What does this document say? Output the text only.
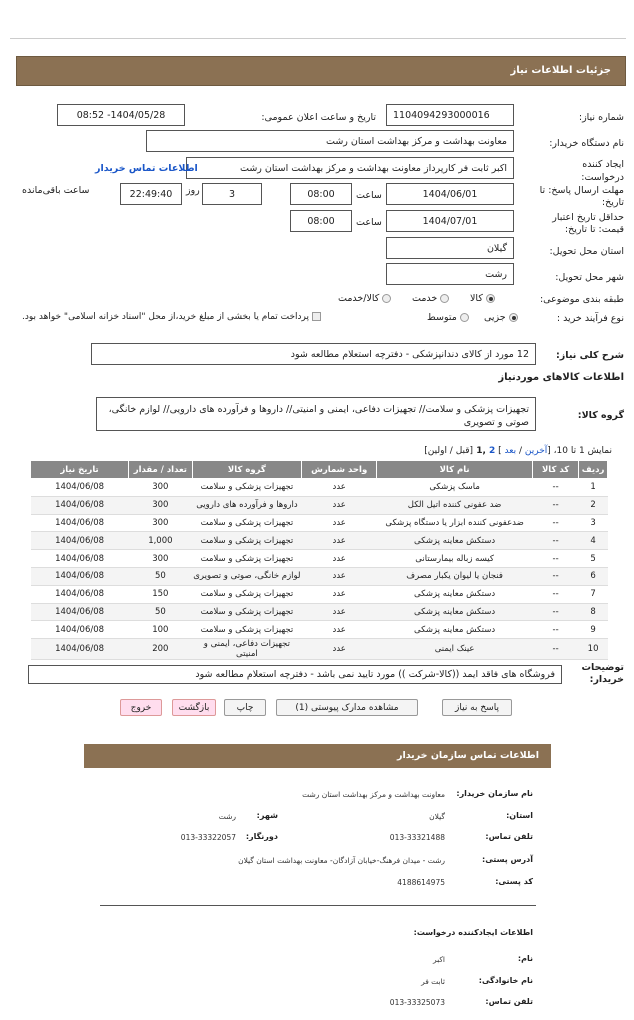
جزئیات اطلاعات نیاز
شماره نیاز:
1104094293000016
تاریخ و ساعت اعلان عمومی:
1404/05/28- 08:52
نام دستگاه خریدار:
معاونت بهداشت و مرکز بهداشت استان رشت
ایجاد کننده درخواست:
اکبر ثابت فر کارپرداز معاونت بهداشت و مرکز بهداشت استان رشت
اطلاعات تماس خریدار
مهلت ارسال پاسخ: تا تاریخ:
1404/06/01
ساعت
08:00
3
روز
22:49:40
ساعت باقی‌مانده
حداقل تاریخ اعتبار قیمت: تا تاریخ:
1404/07/01
ساعت
08:00
استان محل تحویل:
گیلان
شهر محل تحویل:
رشت
طبقه بندی موضوعی:
کالا
خدمت
کالا/خدمت
نوع فرآیند خرید :
جزیی
متوسط
پرداخت تمام یا بخشی از مبلغ خرید،از محل "اسناد خزانه اسلامی" خواهد بود.
شرح کلی نیاز:
12 مورد از کالای دندانپزشکی - دفترچه استعلام مطالعه شود
اطلاعات کالاهای موردنیاز
گروه کالا:
تجهیزات پزشکی و سلامت// تجهیزات دفاعی، ایمنی و امنیتی// داروها و فرآورده های دارویی// لوازم خانگی، صوتی و تصویری
نمایش 1 تا 10، [آخرین / بعد ] 2 ,1 [قبل / اولین]
ردیف	کد کالا	نام کالا	واحد شمارش	گروه کالا	تعداد / مقدار	تاریخ نیاز
1	--	ماسک پزشکی	عدد	تجهیزات پزشکی و سلامت	300	1404/06/08
2	--	ضد عفونی کننده اتیل الکل	عدد	داروها و فرآورده های دارویی	300	1404/06/08
3	--	ضدعفونی کننده ابزار یا دستگاه پزشکی	عدد	تجهیزات پزشکی و سلامت	300	1404/06/08
4	--	دستکش معاینه پزشکی	عدد	تجهیزات پزشکی و سلامت	1,000	1404/06/08
5	--	کیسه زباله بیمارستانی	عدد	تجهیزات پزشکی و سلامت	300	1404/06/08
6	--	فنجان یا لیوان یکبار مصرف	عدد	لوازم خانگی، صوتی و تصویری	50	1404/06/08
7	--	دستکش معاینه پزشکی	عدد	تجهیزات پزشکی و سلامت	150	1404/06/08
8	--	دستکش معاینه پزشکی	عدد	تجهیزات پزشکی و سلامت	50	1404/06/08
9	--	دستکش معاینه پزشکی	عدد	تجهیزات پزشکی و سلامت	100	1404/06/08
10	--	عینک ایمنی	عدد	تجهیزات دفاعی، ایمنی و امنیتی	200	1404/06/08
توضیحات خریدار:
فروشگاه های فاقد ایمد ((کالا-شرکت )) مورد تایید نمی باشد - دفترچه استعلام مطالعه شود
پاسخ به نیاز
مشاهده مدارک پیوستی (1)
چاپ
بازگشت
خروج
اطلاعات تماس سازمان خریدار
نام سازمان خریدار:
معاونت بهداشت و مرکز بهداشت استان رشت
استان:
گیلان
شهر:
رشت
تلفن تماس:
013-33321488
دورنگار:
013-33322057
آدرس پستی:
رشت - میدان فرهنگ-خیابان آزادگان- معاونت بهداشت استان گیلان
کد پستی:
4188614975
اطلاعات ایجادکننده درخواست:
نام:
اکبر
نام خانوادگی:
ثابت فر
تلفن تماس:
013-33325073
